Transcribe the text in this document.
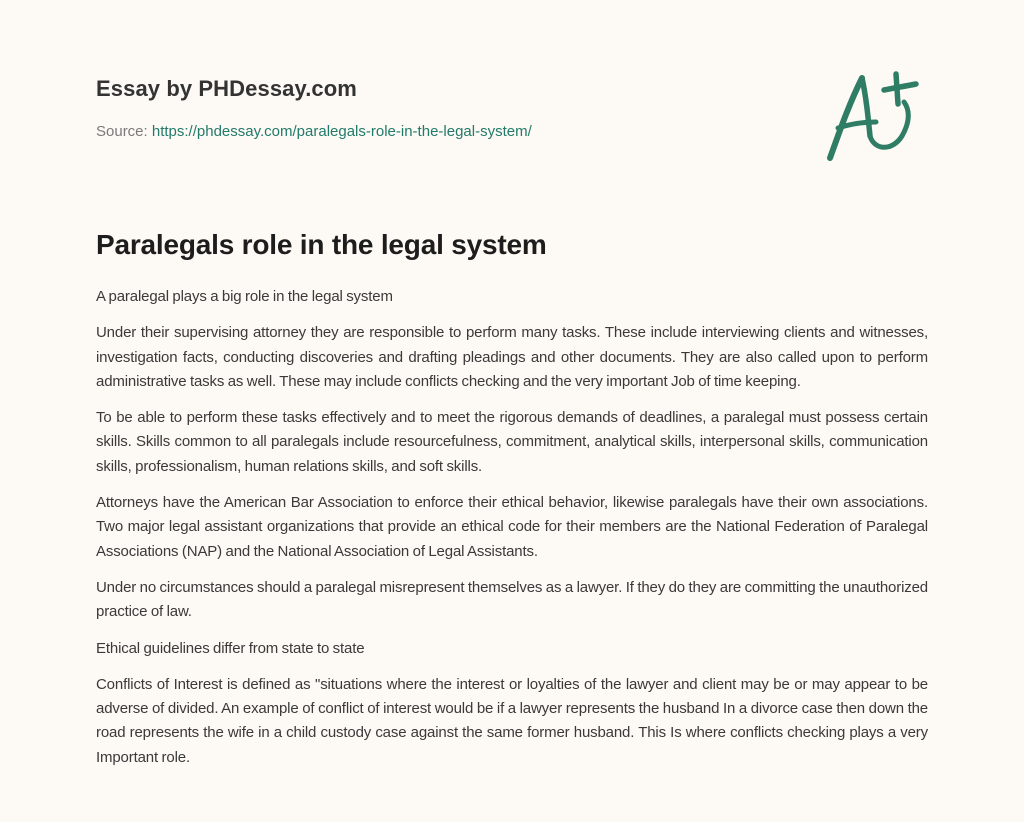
Essay by PHDessay.com
Source: https://phdessay.com/paralegals-role-in-the-legal-system/
Paralegals role in the legal system

A paralegal plays a big role in the legal system

Under their supervising attorney they are responsible to perform many tasks. These include interviewing clients and witnesses, investigation facts, conducting discoveries and drafting pleadings and other documents. They are also called upon to perform administrative tasks as well. These may include conflicts checking and the very important Job of time keeping.

To be able to perform these tasks effectively and to meet the rigorous demands of deadlines, a paralegal must possess certain skills. Skills common to all paralegals include resourcefulness, commitment, analytical skills, interpersonal skills, communication skills, professionalism, human relations skills, and soft skills.

Attorneys have the American Bar Association to enforce their ethical behavior, likewise paralegals have their own associations. Two major legal assistant organizations that provide an ethical code for their members are the National Federation of Paralegal Associations (NAP) and the National Association of Legal Assistants.

Under no circumstances should a paralegal misrepresent themselves as a lawyer. If they do they are committing the unauthorized practice of law.

Ethical guidelines differ from state to state

Conflicts of Interest is defined as "situations where the interest or loyalties of the lawyer and client may be or may appear to be adverse of divided. An example of conflict of interest would be if a lawyer represents the husband In a divorce case then down the road represents the wife in a child custody case against the same former husband. This Is where conflicts checking plays a very Important role.
